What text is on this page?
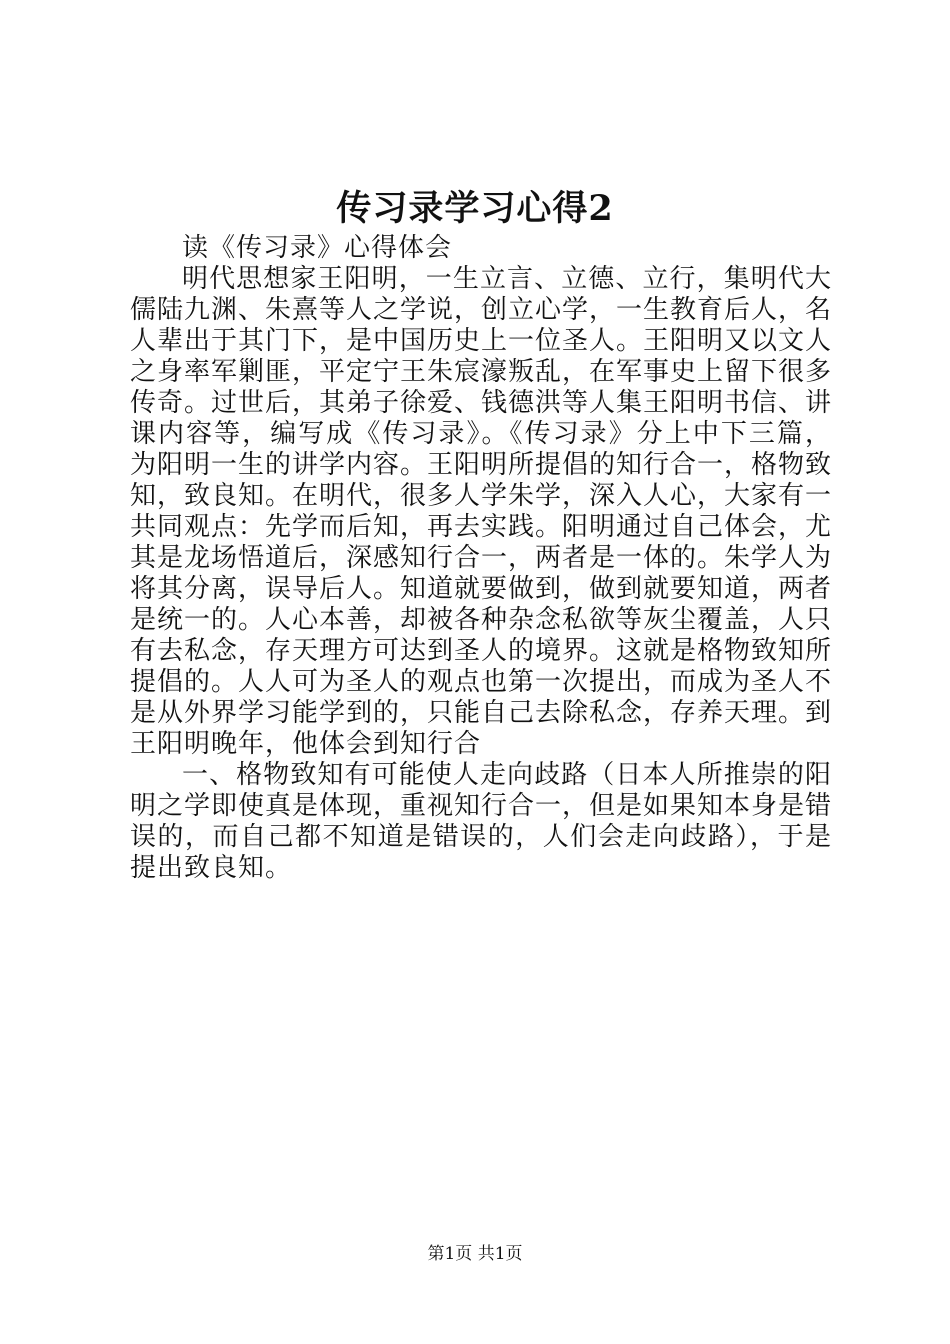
传习录学习心得2

读《传习录》心得体会

明代思想家王阳明，一生立言、立德、立行，集明代大儒陆九渊、朱熹等人之学说，创立心学，一生教育后人，名人辈出于其门下，是中国历史上一位圣人。王阳明又以文人之身率军剿匪，平定宁王朱宸濠叛乱，在军事史上留下很多传奇。过世后，其弟子徐爱、钱德洪等人集王阳明书信、讲课内容等，编写成《传习录》。《传习录》分上中下三篇，为阳明一生的讲学内容。王阳明所提倡的知行合一，格物致知，致良知。在明代，很多人学朱学，深入人心，大家有一共同观点：先学而后知，再去实践。阳明通过自己体会，尤其是龙场悟道后，深感知行合一，两者是一体的。朱学人为将其分离，误导后人。知道就要做到，做到就要知道，两者是统一的。人心本善，却被各种杂念私欲等灰尘覆盖，人只有去私念，存天理方可达到圣人的境界。这就是格物致知所提倡的。人人可为圣人的观点也第一次提出，而成为圣人不是从外界学习能学到的，只能自己去除私念，存养天理。到王阳明晚年，他体会到知行合

一、格物致知有可能使人走向歧路（日本人所推崇的阳明之学即使真是体现，重视知行合一，但是如果知本身是错误的，而自己都不知道是错误的，人们会走向歧路），于是提出致良知。

第1页 共1页
